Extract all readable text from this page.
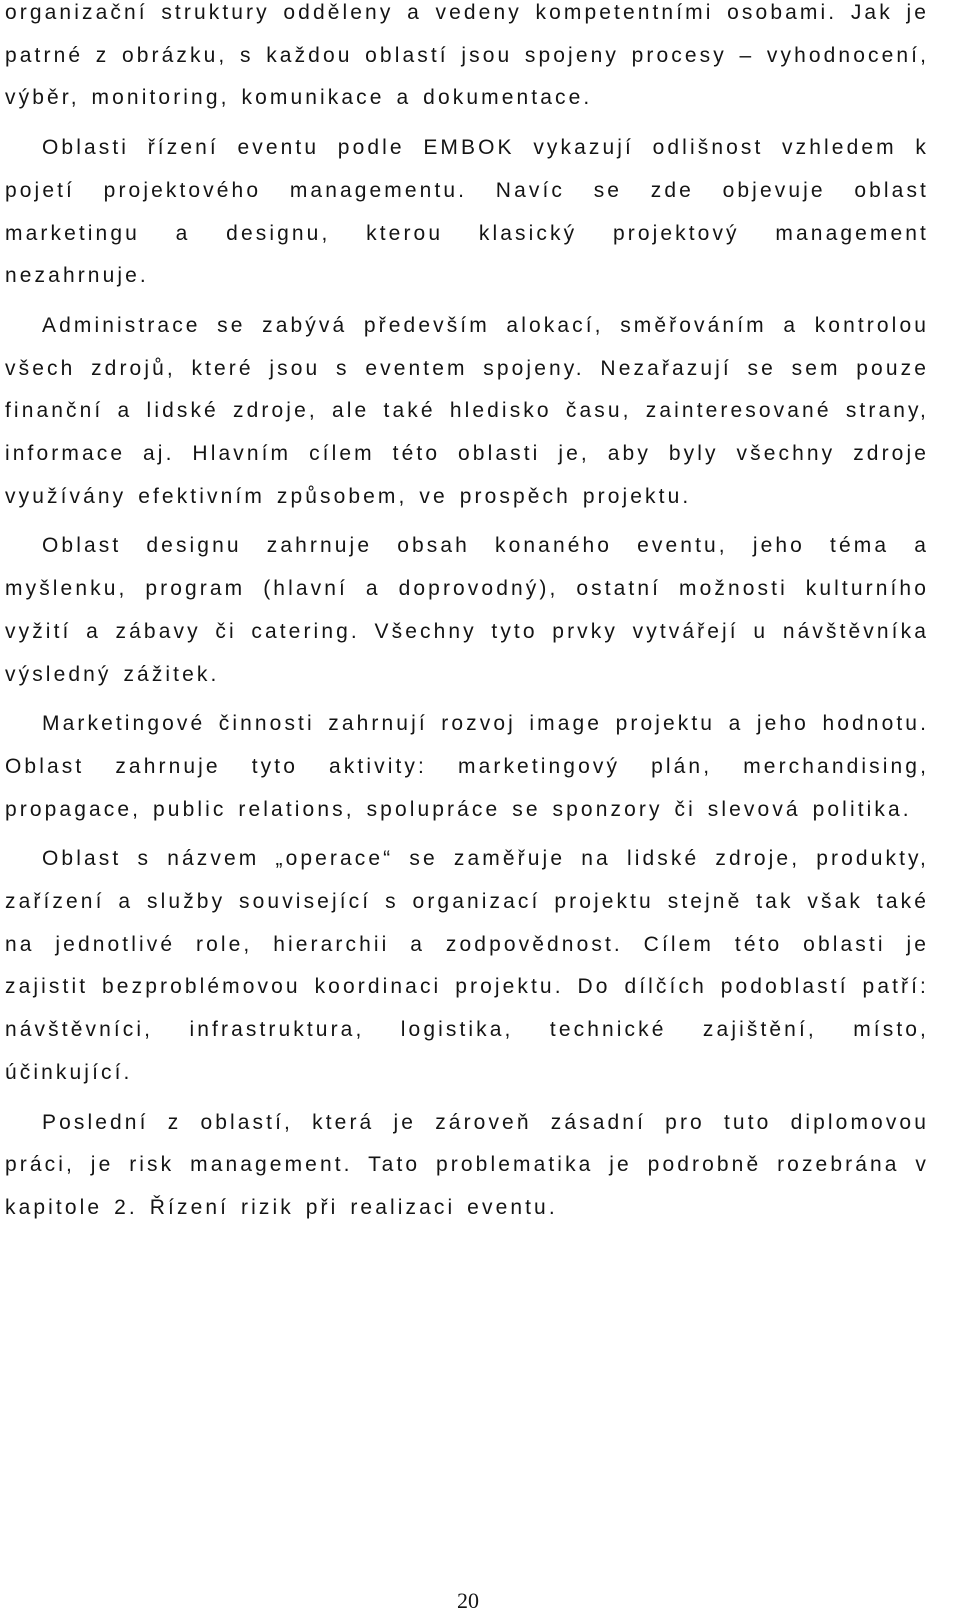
organizační struktury odděleny a vedeny kompetentními osobami. Jak je patrné z obrázku, s každou oblastí jsou spojeny procesy – vyhodnocení, výběr, monitoring, komunikace a dokumentace.

Oblasti řízení eventu podle EMBOK vykazují odlišnost vzhledem k pojetí projektového managementu. Navíc se zde objevuje oblast marketingu a designu, kterou klasický projektový management nezahrnuje.

Administrace se zabývá především alokací, směřováním a kontrolou všech zdrojů, které jsou s eventem spojeny. Nezařazují se sem pouze finanční a lidské zdroje, ale také hledisko času, zainteresované strany, informace aj. Hlavním cílem této oblasti je, aby byly všechny zdroje využívány efektivním způsobem, ve prospěch projektu.

Oblast designu zahrnuje obsah konaného eventu, jeho téma a myšlenku, program (hlavní a doprovodný), ostatní možnosti kulturního vyžití a zábavy či catering. Všechny tyto prvky vytvářejí u návštěvníka výsledný zážitek.

Marketingové činnosti zahrnují rozvoj image projektu a jeho hodnotu. Oblast zahrnuje tyto aktivity: marketingový plán, merchandising, propagace, public relations, spolupráce se sponzory či slevová politika.

Oblast s názvem „operace“ se zaměřuje na lidské zdroje, produkty, zařízení a služby související s organizací projektu stejně tak však také na jednotlivé role, hierarchii a zodpovědnost. Cílem této oblasti je zajistit bezproblémovou koordinaci projektu. Do dílčích podoblastí patří: návštěvníci, infrastruktura, logistika, technické zajištění, místo, účinkující.

Poslední z oblastí, která je zároveň zásadní pro tuto diplomovou práci, je risk management. Tato problematika je podrobně rozebrána v kapitole 2. Řízení rizik při realizaci eventu.

20
